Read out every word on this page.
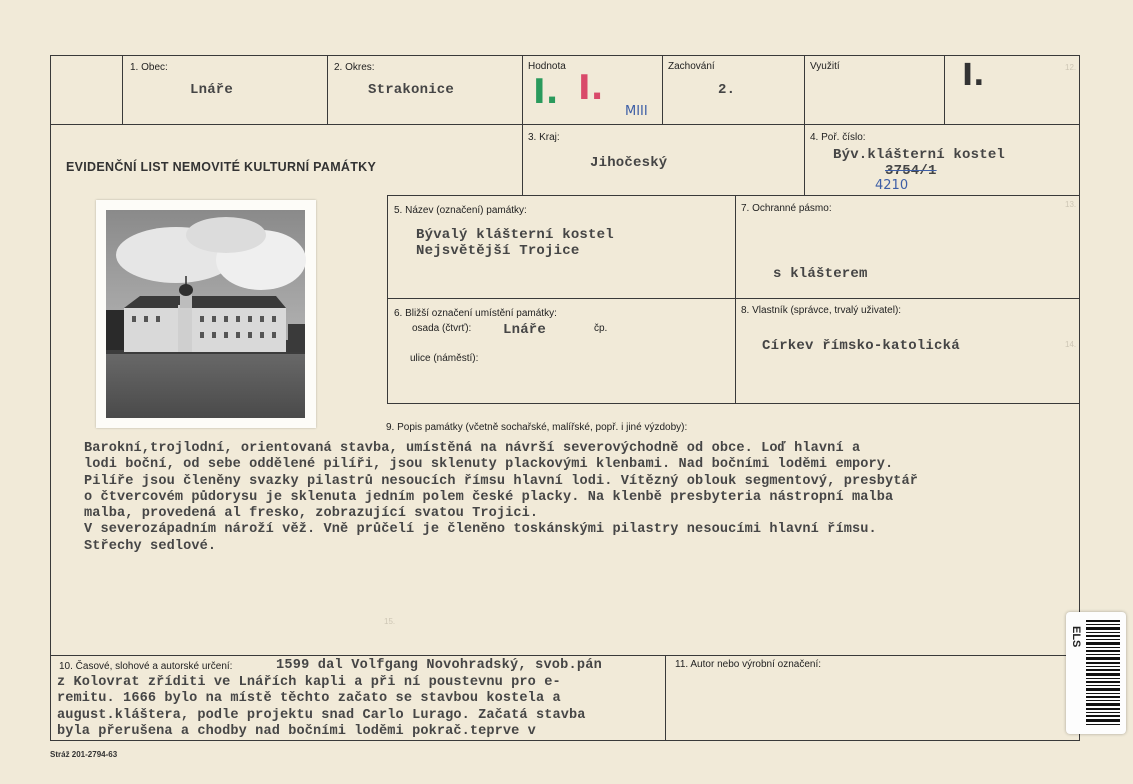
1. Obec:
Lnáře
2. Okres:
Strakonice
Hodnota
I. I.
MIII
Zachování
2.
Využití	I.
EVIDENČNÍ LIST NEMOVITÉ KULTURNÍ PAMÁTKY
3. Kraj:
Jihočeský
4. Poř. číslo:
Býv.klášterní kostel
3754/1
4210
12.
13.
14.
15.
5. Název (označení) památky:
Bývalý klášterní kostel
Nejsvětější Trojice
7. Ochranné pásmo:
s klášterem
6. Bližší označení umístění památky:
osada (čtvrť): Lnáře	čp.
ulice (náměstí):
8. Vlastník (správce, trvalý uživatel):
Církev římsko-katolická
9. Popis památky (včetně sochařské, malířské, popř. i jiné výzdoby):
Barokní,trojlodní, orientovaná stavba, umístěná na návrší severovýchodně od obce. Loď hlavní a
lodi boční, od sebe oddělené pilíři, jsou sklenuty plackovými klenbami. Nad bočními loděmi empory.
Pilíře jsou členěny svazky pilastrů nesoucích římsu hlavní lodi. Vítězný oblouk segmentový, presbytář
o čtvercovém půdorysu je sklenuta jedním polem české placky. Na klenbě presbyteria nástropní malba
malba, provedená al fresko, zobrazující svatou Trojici.
V severozápadním nároží věž. Vně průčelí je členěno toskánskými pilastry nesoucími hlavní římsu.
Střechy sedlové.
10. Časové, slohové a autorské určení:	1599 dal Volfgang Novohradský, svob.pán
z Kolovrat zříditi ve Lnářích kapli a při ní poustevnu pro e-
remitu. 1666 bylo na místě těchto začato se stavbou kostela a
august.kláštera, podle projektu snad Carlo Lurago. Začatá stavba
byla přerušena a chodby nad bočními loděmi pokrač.teprve v
11. Autor nebo výrobní označení:
Stráž 201-2794-63
ELS
